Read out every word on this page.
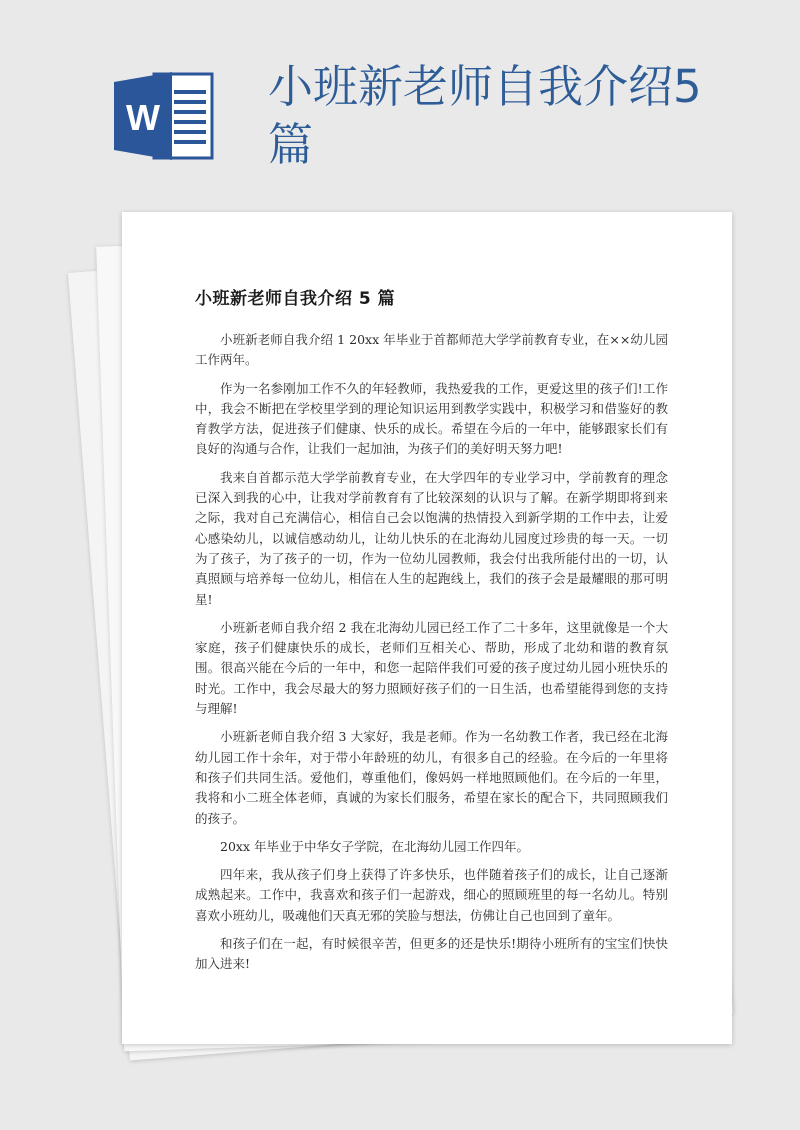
W
小班新老师自我介绍5篇
小班新老师自我介绍 5 篇

小班新老师自我介绍 1 20xx 年毕业于首都师范大学学前教育专业，在××幼儿园工作两年。

作为一名参刚加工作不久的年轻教师，我热爱我的工作，更爱这里的孩子们!工作中，我会不断把在学校里学到的理论知识运用到教学实践中，积极学习和借鉴好的教育教学方法，促进孩子们健康、快乐的成长。希望在今后的一年中，能够跟家长们有良好的沟通与合作，让我们一起加油，为孩子们的美好明天努力吧!

我来自首都示范大学学前教育专业，在大学四年的专业学习中，学前教育的理念已深入到我的心中，让我对学前教育有了比较深刻的认识与了解。在新学期即将到来之际，我对自己充满信心，相信自己会以饱满的热情投入到新学期的工作中去，让爱心感染幼儿，以诚信感动幼儿，让幼儿快乐的在北海幼儿园度过珍贵的每一天。一切为了孩子，为了孩子的一切，作为一位幼儿园教师，我会付出我所能付出的一切，认真照顾与培养每一位幼儿，相信在人生的起跑线上，我们的孩子会是最耀眼的那可明星!

小班新老师自我介绍 2 我在北海幼儿园已经工作了二十多年，这里就像是一个大家庭，孩子们健康快乐的成长，老师们互相关心、帮助，形成了北幼和谐的教育氛围。很高兴能在今后的一年中，和您一起陪伴我们可爱的孩子度过幼儿园小班快乐的时光。工作中，我会尽最大的努力照顾好孩子们的一日生活，也希望能得到您的支持与理解!

小班新老师自我介绍 3 大家好，我是老师。作为一名幼教工作者，我已经在北海幼儿园工作十余年，对于带小年龄班的幼儿，有很多自己的经验。在今后的一年里将和孩子们共同生活。爱他们，尊重他们，像妈妈一样地照顾他们。在今后的一年里，我将和小二班全体老师，真诚的为家长们服务，希望在家长的配合下，共同照顾我们的孩子。

20xx 年毕业于中华女子学院，在北海幼儿园工作四年。

四年来，我从孩子们身上获得了许多快乐，也伴随着孩子们的成长，让自己逐渐成熟起来。工作中，我喜欢和孩子们一起游戏，细心的照顾班里的每一名幼儿。特别喜欢小班幼儿，吸魂他们天真无邪的笑脸与想法，仿佛让自己也回到了童年。

和孩子们在一起，有时候很辛苦，但更多的还是快乐!期待小班所有的宝宝们快快加入进来!
